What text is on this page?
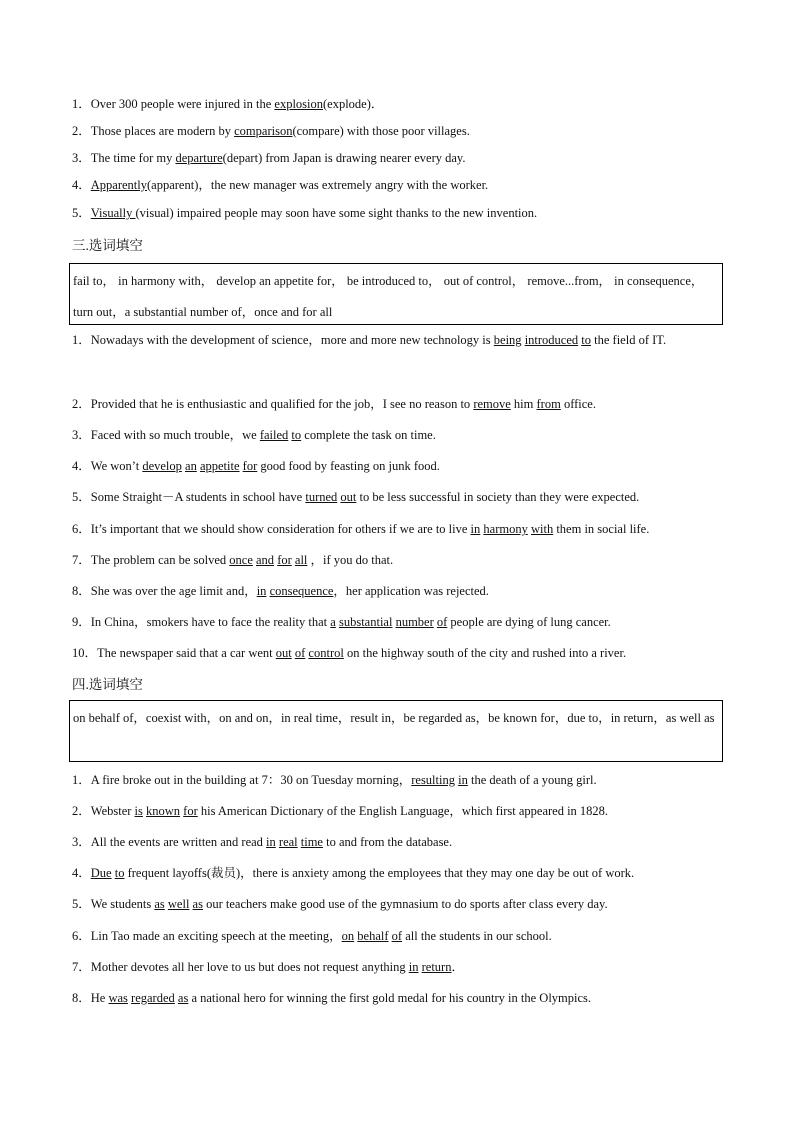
1．Over 300 people were injured in the explosion(explode)．
2．Those places are modern by comparison(compare) with those poor villages.
3．The time for my departure(depart) from Japan is drawing nearer every day.
4．Apparently(apparent)，the new manager was extremely angry with the worker.
5．Visually (visual) impaired people may soon have some sight thanks to the new invention.
三.选词填空
fail to， in harmony with， develop an appetite for， be introduced to， out of control， remove...from， in consequence，turn out，a substantial number of，once and for all
1．Nowadays with the development of science，more and more new technology is being introduced to the field of IT.
2．Provided that he is enthusiastic and qualified for the job，I see no reason to remove him from office.
3．Faced with so much trouble，we failed to complete the task on time.
4．We won’t develop an appetite for good food by feasting on junk food.
5．Some Straight－A students in school have turned out to be less successful in society than they were expected.
6．It’s important that we should show consideration for others if we are to live in harmony with them in social life.
7．The problem can be solved once and for all ，if you do that.
8．She was over the age limit and，in consequence，her application was rejected.
9．In China，smokers have to face the reality that a substantial number of people are dying of lung cancer.
10．The newspaper said that a car went out of control on the highway south of the city and rushed into a river.
四.选词填空
on behalf of，coexist with，on and on，in real time，result in，be regarded as，be known for，due to，in return，as well as
1．A fire broke out in the building at 7：30 on Tuesday morning，resulting in the death of a young girl.
2．Webster is known for his American Dictionary of the English Language，which first appeared in 1828.
3．All the events are written and read in real time to and from the database.
4．Due to frequent layoffs(裁员)，there is anxiety among the employees that they may one day be out of work.
5．We students as well as our teachers make good use of the gymnasium to do sports after class every day.
6．Lin Tao made an exciting speech at the meeting，on behalf of all the students in our school.
7．Mother devotes all her love to us but does not request anything in return．
8．He was regarded as a national hero for winning the first gold medal for his country in the Olympics.
